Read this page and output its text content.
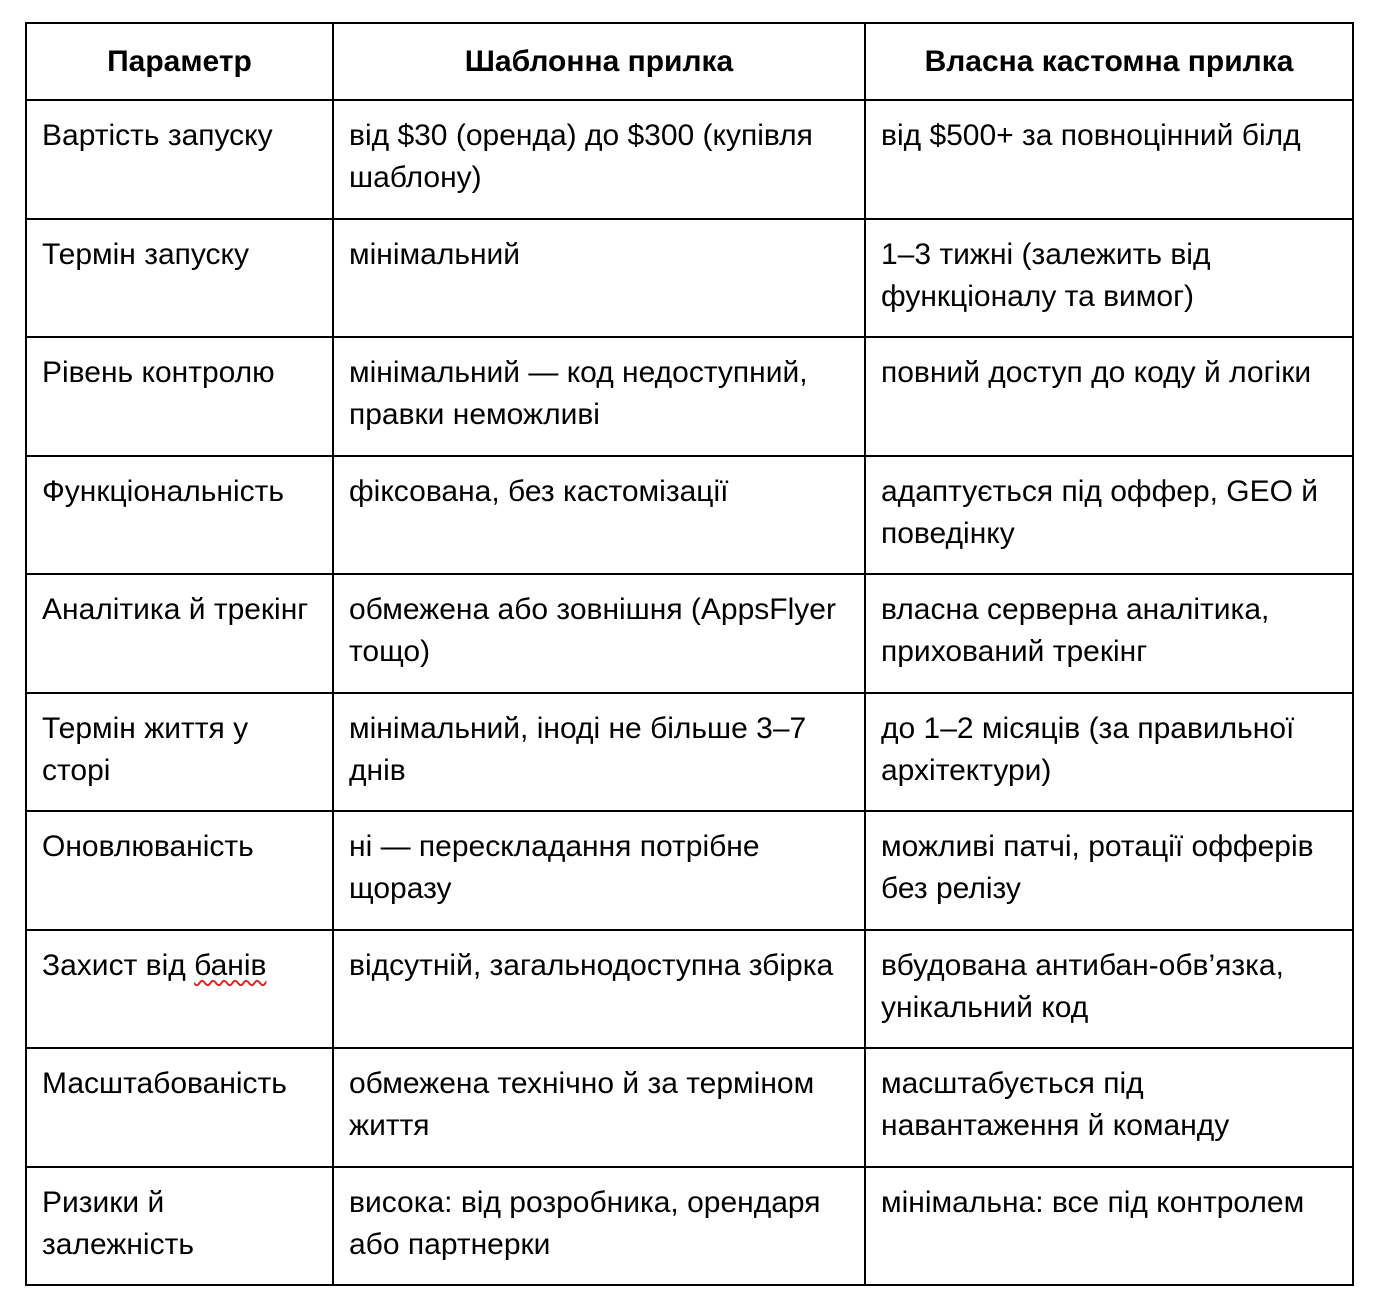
Параметр	Шаблонна прилка	Власна кастомна прилка
Вартість запуску	від $30 (оренда) до $300 (купівля шаблону)	від $500+ за повноцінний білд
Термін запуску	мінімальний	1–3 тижні (залежить від функціоналу та вимог)
Рівень контролю	мінімальний — код недоступний, правки неможливі	повний доступ до коду й логіки
Функціональність	фіксована, без кастомізації	адаптується під оффер, GEO й поведінку
Аналітика й трекінг	обмежена або зовнішня (AppsFlyer тощо)	власна серверна аналітика, прихований трекінг
Термін життя у сторі	мінімальний, іноді не більше 3–7 днів	до 1–2 місяців (за правильної архітектури)
Оновлюваність	ні — перескладання потрібне щоразу	можливі патчі, ротації офферів без релізу
Захист від банів	відсутній, загальнодоступна збірка	вбудована антибан-обв’язка, унікальний код
Масштабованість	обмежена технічно й за терміном життя	масштабується під навантаження й команду
Ризики й залежність	висока: від розробника, орендаря або партнерки	мінімальна: все під контролем
